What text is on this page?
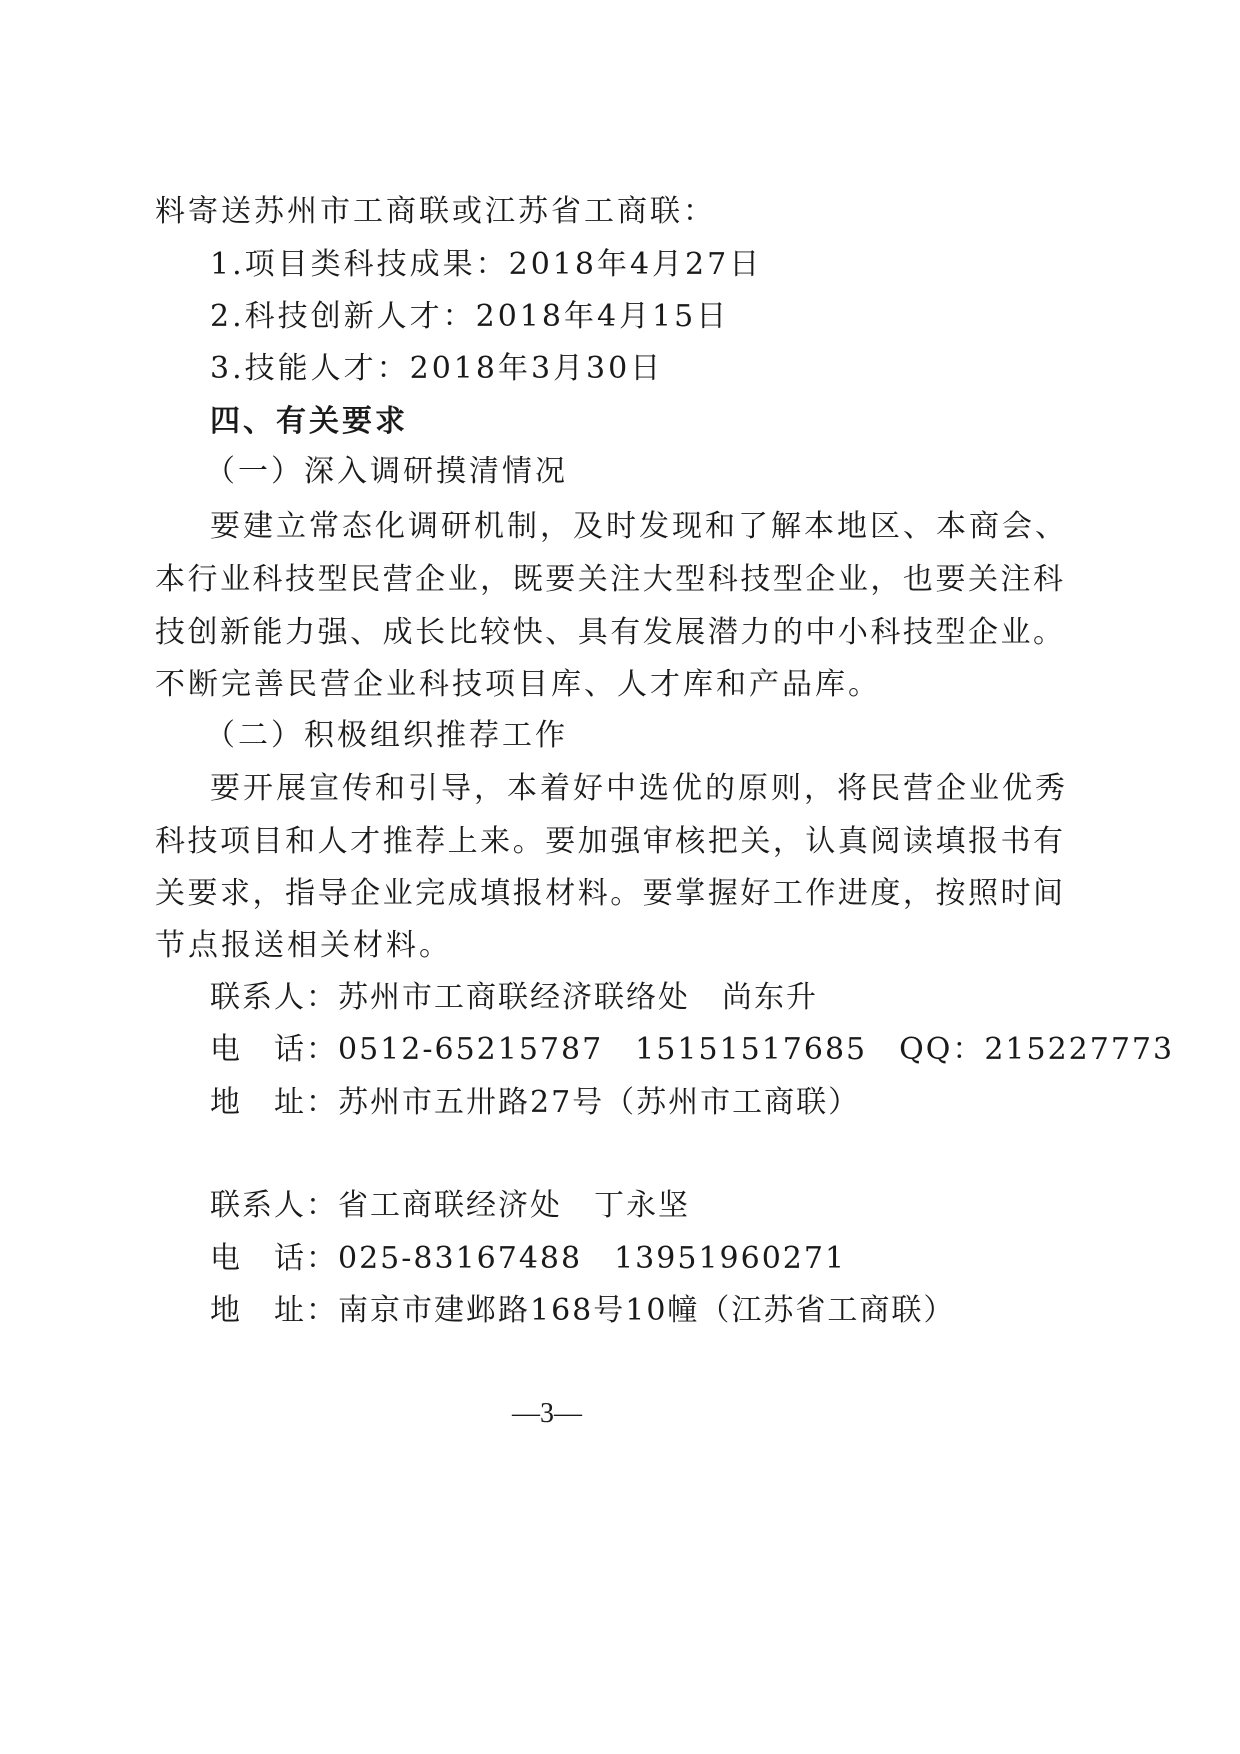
料寄送苏州市工商联或江苏省工商联：
1.项目类科技成果：2018年4月27日
2.科技创新人才：2018年4月15日
3.技能人才：2018年3月30日
四、有关要求
（一）深入调研摸清情况
要建立常态化调研机制，及时发现和了解本地区、本商会、
本行业科技型民营企业，既要关注大型科技型企业，也要关注科
技创新能力强、成长比较快、具有发展潜力的中小科技型企业。
不断完善民营企业科技项目库、人才库和产品库。
（二）积极组织推荐工作
要开展宣传和引导，本着好中选优的原则，将民营企业优秀
科技项目和人才推荐上来。要加强审核把关，认真阅读填报书有
关要求，指导企业完成填报材料。要掌握好工作进度，按照时间
节点报送相关材料。
联系人：苏州市工商联经济联络处　尚东升
电　话：0512-65215787　15151517685　QQ：215227773
地　址：苏州市五卅路27号（苏州市工商联）
联系人：省工商联经济处　丁永坚
电　话：025-83167488　13951960271
地　址：南京市建邺路168号10幢（江苏省工商联）
—3—
